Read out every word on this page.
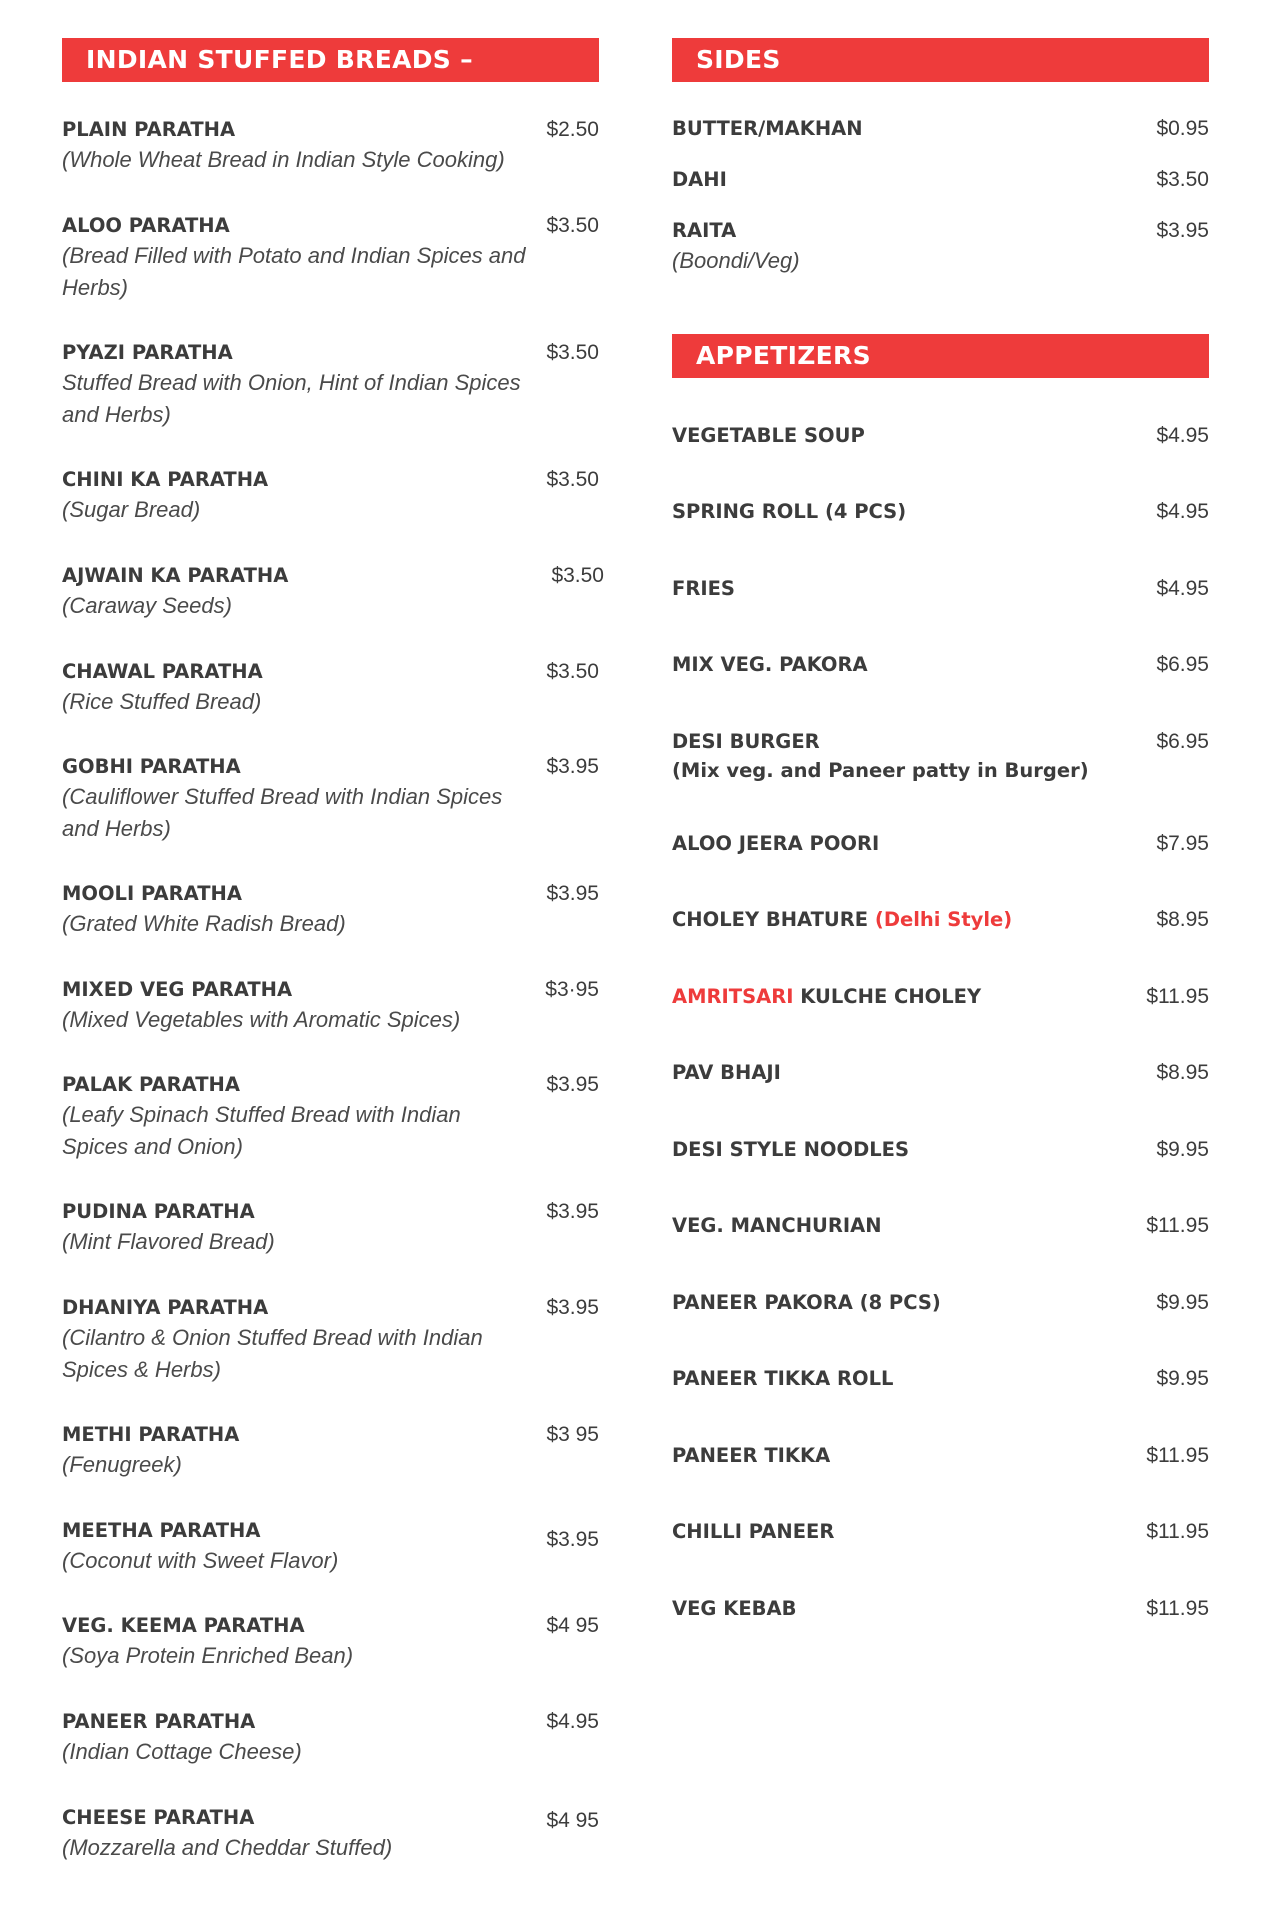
INDIAN STUFFED BREADS – PARATHAS
PLAIN PARATHA
(Whole Wheat Bread in Indian Style Cooking)
$2.50
ALOO PARATHA
(Bread Filled with Potato and Indian Spices and Herbs)
$3.50
PYAZI PARATHA
Stuffed Bread with Onion, Hint of Indian Spices and Herbs)
$3.50
CHINI KA PARATHA
(Sugar Bread)
$3.50
AJWAIN KA PARATHA
(Caraway Seeds)
$3.50
CHAWAL PARATHA
(Rice Stuffed Bread)
$3.50
GOBHI PARATHA
(Cauliflower Stuffed Bread with Indian Spices and Herbs)
$3.95
MOOLI PARATHA
(Grated White Radish Bread)
$3.95
MIXED VEG PARATHA
(Mixed Vegetables with Aromatic Spices)
$3·95
PALAK PARATHA
(Leafy Spinach Stuffed Bread with Indian Spices and Onion)
$3.95
PUDINA PARATHA
(Mint Flavored Bread)
$3.95
DHANIYA PARATHA
(Cilantro & Onion Stuffed Bread with Indian Spices & Herbs)
$3.95
METHI PARATHA
(Fenugreek)
$3 95
MEETHA PARATHA
(Coconut with Sweet Flavor)
$3.95
VEG. KEEMA PARATHA
(Soya Protein Enriched Bean)
$4 95
PANEER PARATHA
(Indian Cottage Cheese)
$4.95
CHEESE PARATHA
(Mozzarella and Cheddar Stuffed)
$4 95
SIDES
BUTTER/MAKHAN	$0.95
DAHI	$3.50
RAITA
(Boondi/Veg)
$3.95
APPETIZERS
VEGETABLE SOUP	$4.95
SPRING ROLL (4 PCS)	$4.95
FRIES	$4.95
MIX VEG. PAKORA	$6.95
DESI BURGER
(Mix veg. and Paneer patty in Burger)
$6.95
ALOO JEERA POORI	$7.95
CHOLEY BHATURE (Delhi Style)	$8.95
AMRITSARI KULCHE CHOLEY	$11.95
PAV BHAJI	$8.95
DESI STYLE NOODLES	$9.95
VEG. MANCHURIAN	$11.95
PANEER PAKORA (8 PCS)	$9.95
PANEER TIKKA ROLL	$9.95
PANEER TIKKA	$11.95
CHILLI PANEER	$11.95
VEG KEBAB	$11.95
